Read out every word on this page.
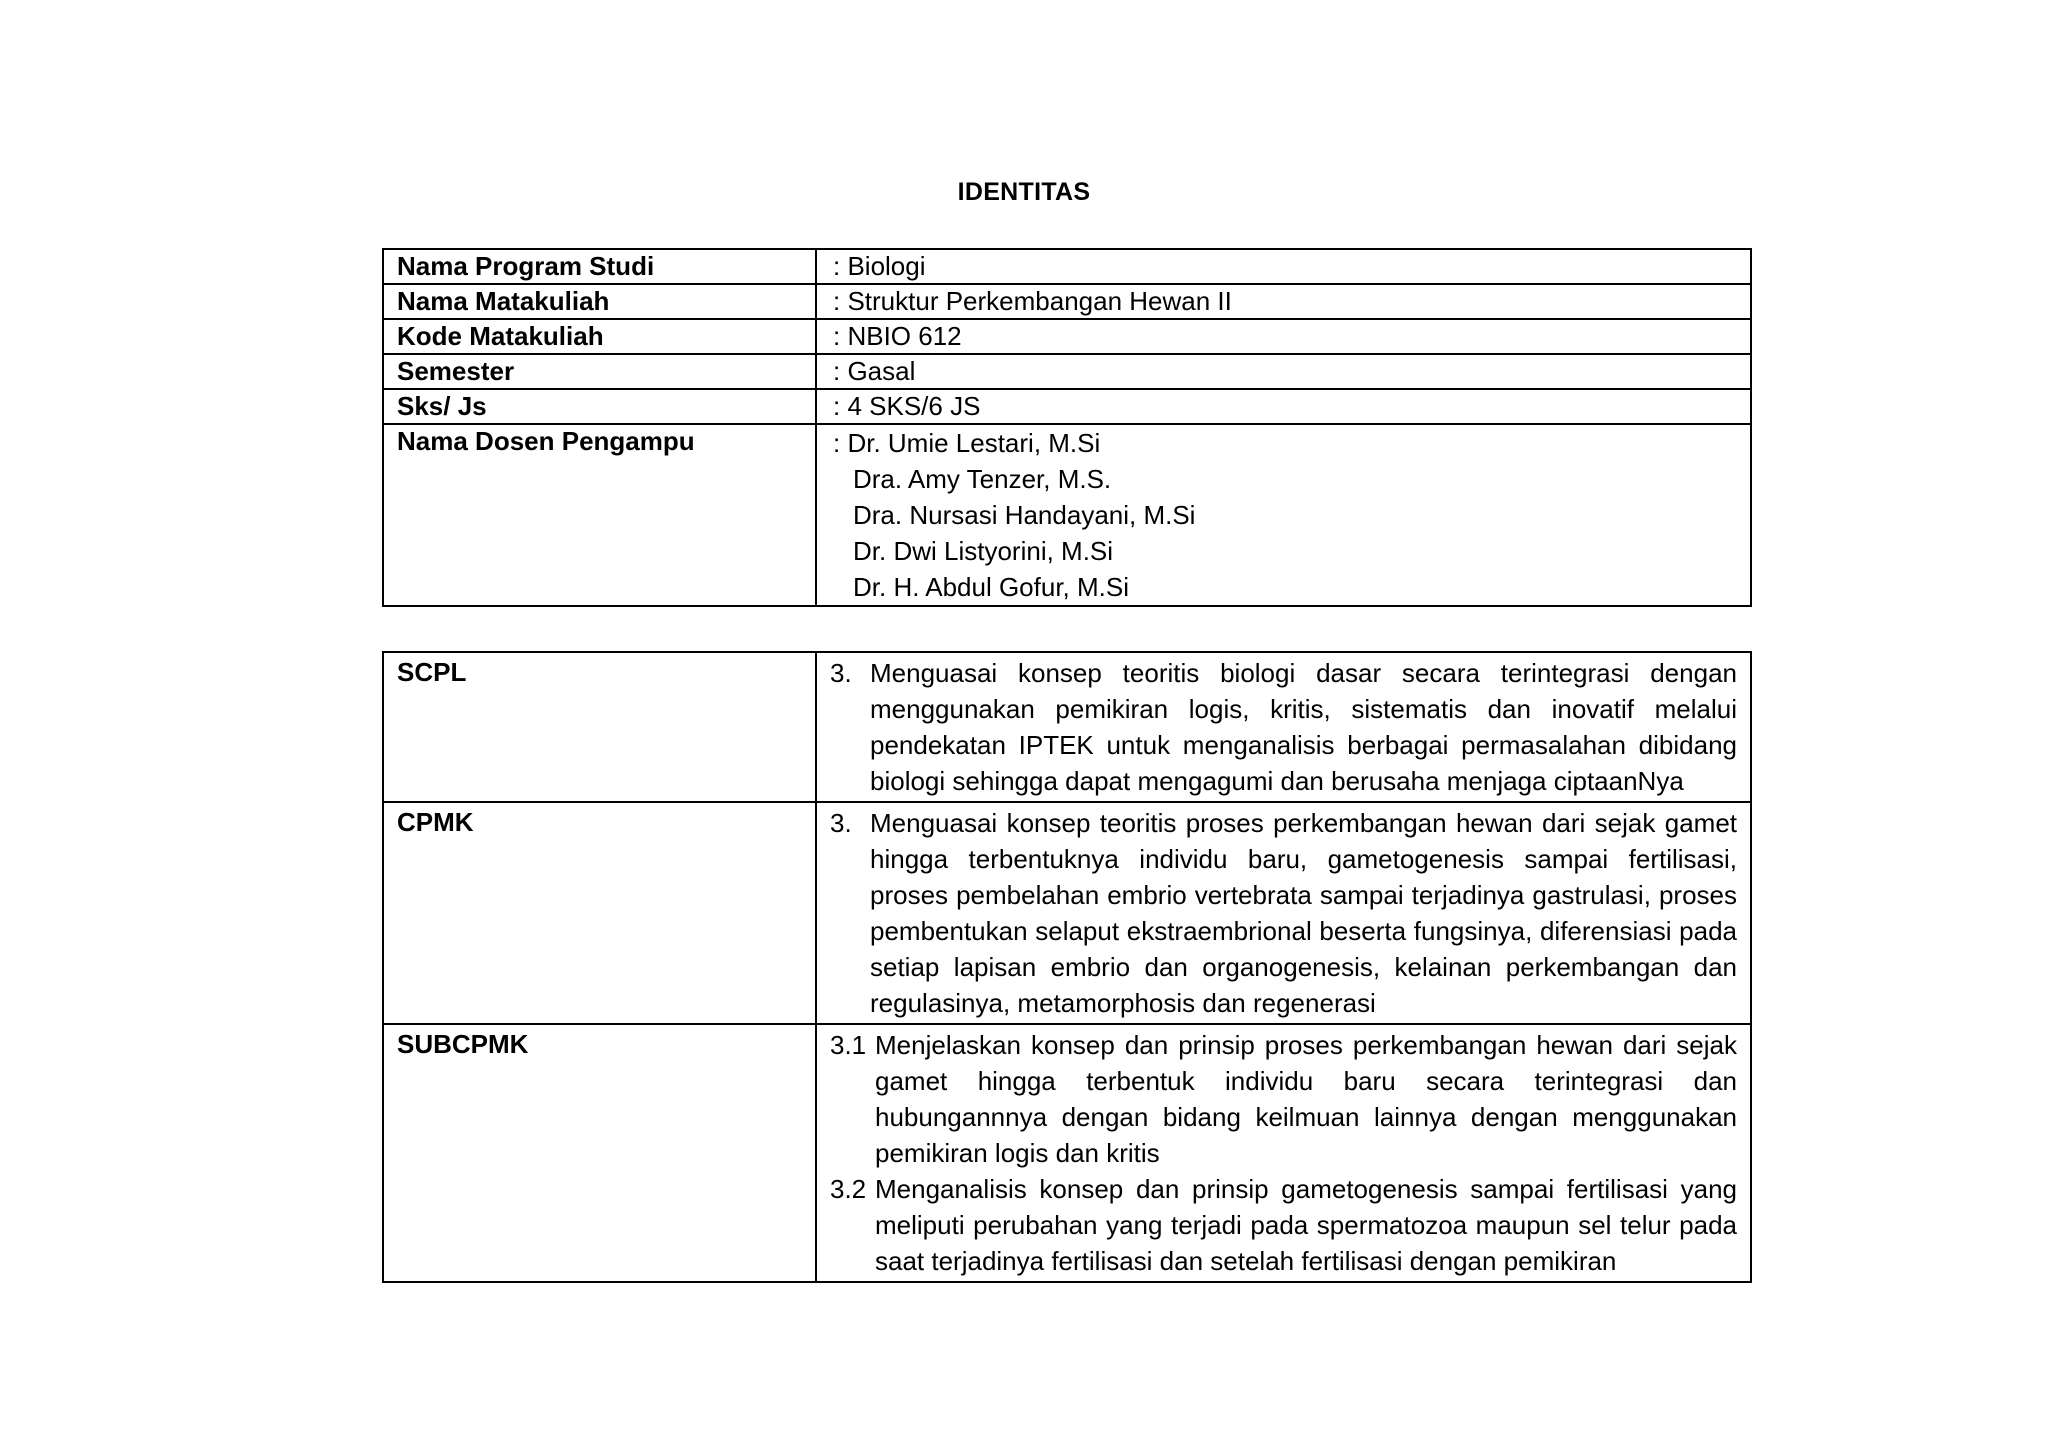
IDENTITAS
Nama Program Studi	: Biologi
Nama Matakuliah	: Struktur Perkembangan Hewan II
Kode Matakuliah	: NBIO 612
Semester	: Gasal
Sks/ Js	: 4 SKS/6 JS
Nama Dosen Pengampu	: Dr. Umie Lestari, M.Si
Dra. Amy Tenzer, M.S.
Dra. Nursasi Handayani, M.Si
Dr. Dwi Listyorini, M.Si
Dr. H. Abdul Gofur, M.Si
SCPL	3. Menguasai konsep teoritis biologi dasar secara terintegrasi dengan menggunakan pemikiran logis, kritis, sistematis dan inovatif melalui pendekatan IPTEK untuk menganalisis berbagai permasalahan dibidang biologi sehingga dapat mengagumi dan berusaha menjaga ciptaanNya

CPMK	3. Menguasai konsep teoritis proses perkembangan hewan dari sejak gamet hingga terbentuknya individu baru, gametogenesis sampai fertilisasi, proses pembelahan embrio vertebrata sampai terjadinya gastrulasi, proses pembentukan selaput ekstraembrional beserta fungsinya, diferensiasi pada setiap lapisan embrio dan organogenesis, kelainan perkembangan dan regulasinya, metamorphosis dan regenerasi

SUBCPMK	3.1 Menjelaskan konsep dan prinsip proses perkembangan hewan dari sejak gamet hingga terbentuk individu baru secara terintegrasi dan hubungannnya dengan bidang keilmuan lainnya dengan menggunakan pemikiran logis dan kritis
3.2 Menganalisis konsep dan prinsip gametogenesis sampai fertilisasi yang meliputi perubahan yang terjadi pada spermatozoa maupun sel telur pada saat terjadinya fertilisasi dan setelah fertilisasi dengan pemikiran
